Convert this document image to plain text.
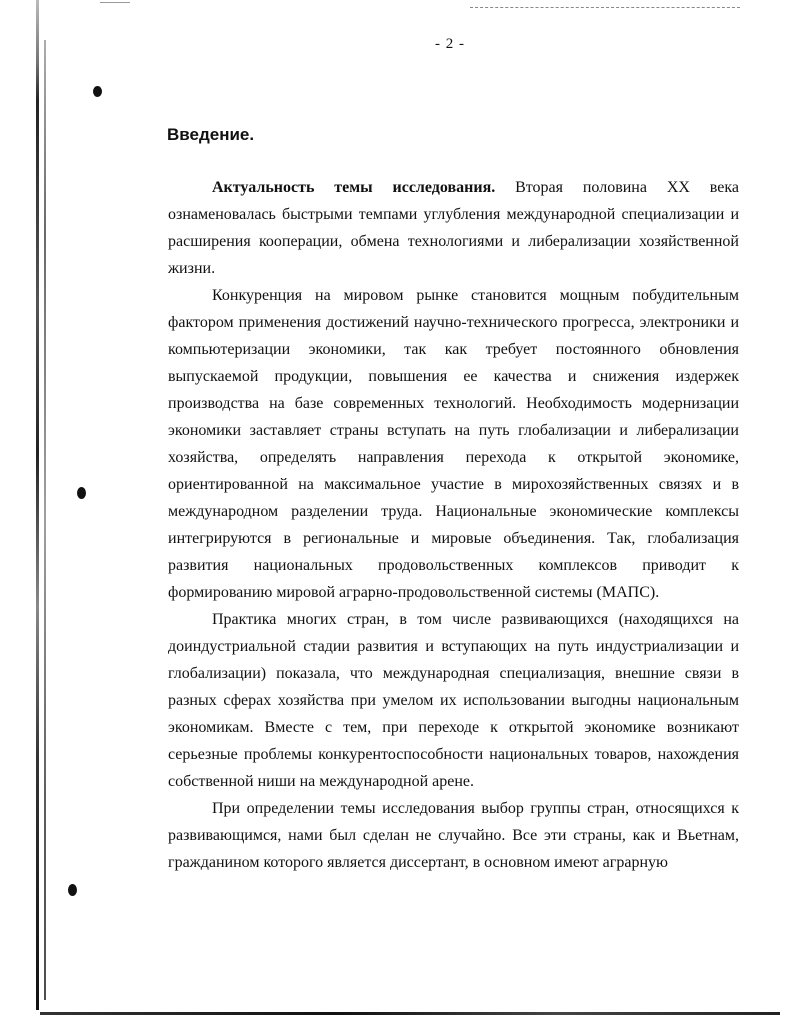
- 2 -
Введение.

Актуальность темы исследования. Вторая половина XX века ознаменовалась быстрыми темпами углубления международной специализации и расширения кооперации, обмена технологиями и либерализации хозяйственной жизни.

Конкуренция на мировом рынке становится мощным побудительным фактором применения достижений научно-технического прогресса, электроники и компьютеризации экономики, так как требует постоянного обновления выпускаемой продукции, повышения ее качества и снижения издержек производства на базе современных технологий. Необходимость модернизации экономики заставляет страны вступать на путь глобализации и либерализации хозяйства, определять направления перехода к открытой экономике, ориентированной на максимальное участие в мирохозяйственных связях и в международном разделении труда. Национальные экономические комплексы интегрируются в региональные и мировые объединения. Так, глобализация развития национальных продовольственных комплексов приводит к формированию мировой аграрно-продовольственной системы (МАПС).

Практика многих стран, в том числе развивающихся (находящихся на доиндустриальной стадии развития и вступающих на путь индустриализации и глобализации) показала, что международная специализация, внешние связи в разных сферах хозяйства при умелом их использовании выгодны национальным экономикам. Вместе с тем, при переходе к открытой экономике возникают серьезные проблемы конкурентоспособности национальных товаров, нахождения собственной ниши на международной арене.

При определении темы исследования выбор группы стран, относящихся к развивающимся, нами был сделан не случайно. Все эти страны, как и Вьетнам, гражданином которого является диссертант, в основном имеют аграрную
